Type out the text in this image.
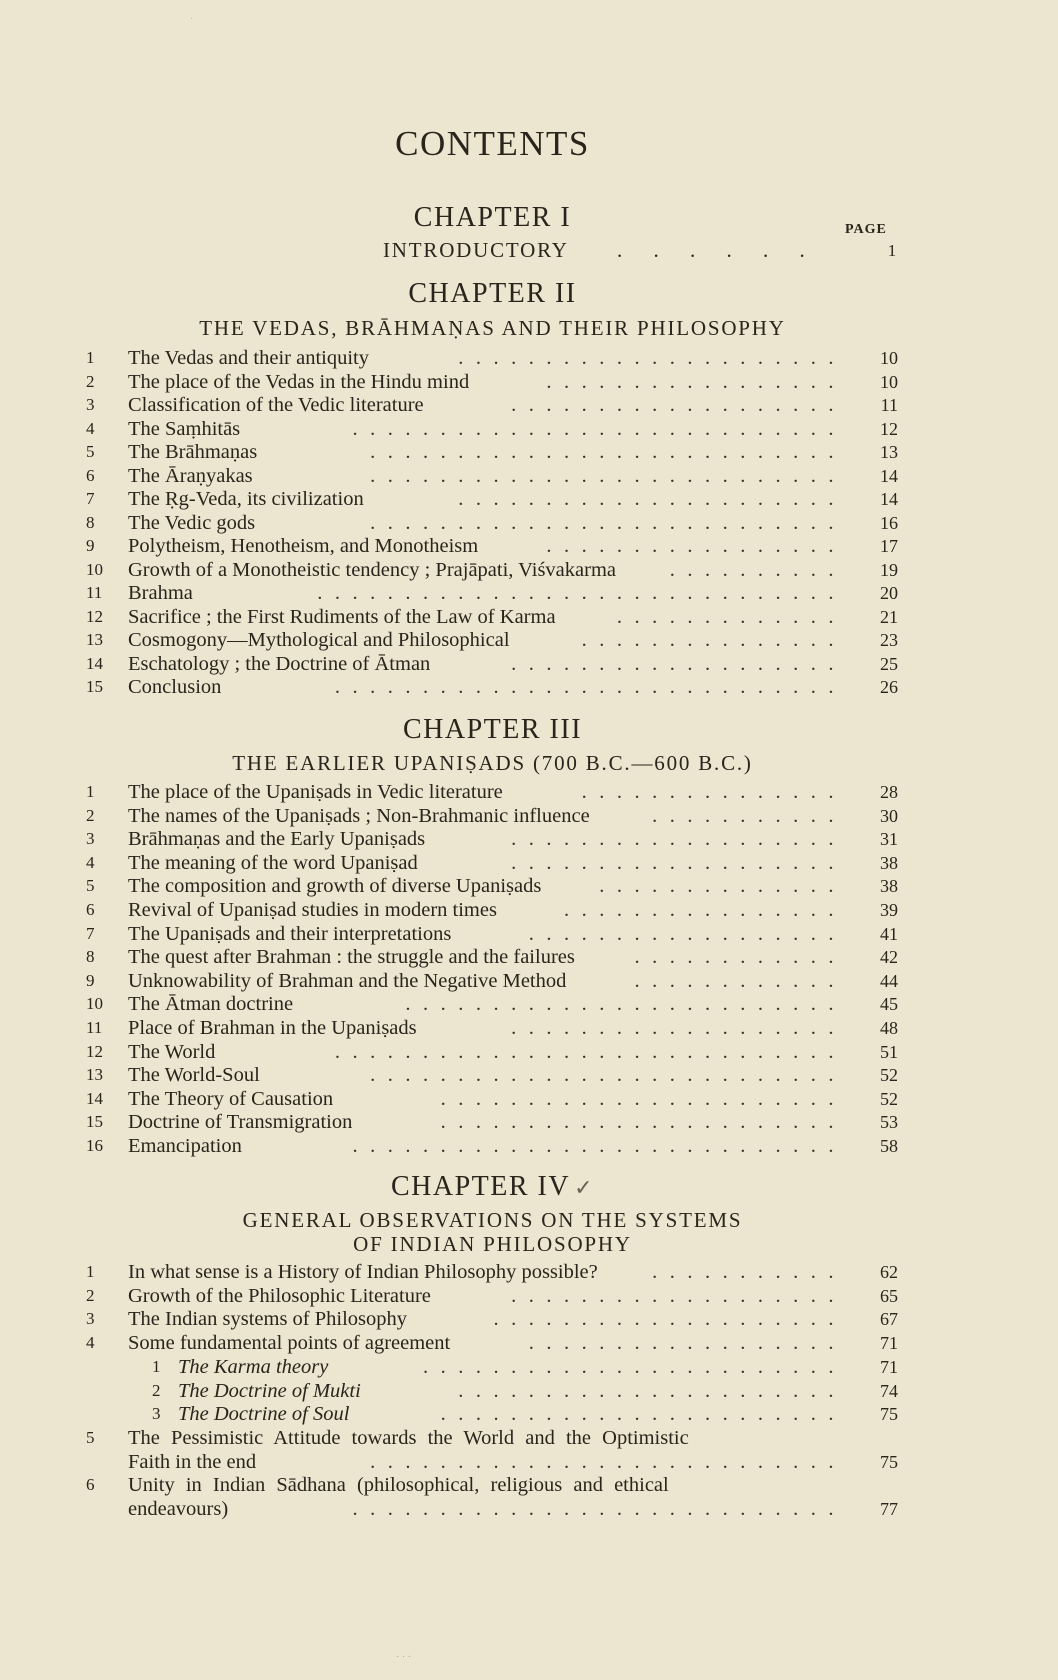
·
CONTENTS
CHAPTER I	PAGE
INTRODUCTORY . . . . . .	1
CHAPTER II
THE VEDAS, BRĀHMAṆAS AND THEIR PHILOSOPHY
1	The Vedas and their antiquity	......................	10
2	The place of the Vedas in the Hindu mind	.................	10
3	Classification of the Vedic literature	...................	11
4	The Saṃhitās	............................	12
5	The Brāhmaṇas	...........................	13
6	The Āraṇyakas	...........................	14
7	The Ṛg-Veda, its civilization	......................	14
8	The Vedic gods	...........................	16
9	Polytheism, Henotheism, and Monotheism	.................	17
10	Growth of a Monotheistic tendency ; Prajāpati, Viśvakarma	..........	19
11	Brahma	..............................	20
12	Sacrifice ; the First Rudiments of the Law of Karma	.............	21
13	Cosmogony—Mythological and Philosophical	...............	23
14	Eschatology ; the Doctrine of Ātman	...................	25
15	Conclusion	.............................	26
CHAPTER III
THE EARLIER UPANIṢADS (700 B.C.—600 B.C.)
1	The place of the Upaniṣads in Vedic literature	...............	28
2	The names of the Upaniṣads ; Non-Brahmanic influence	...........	30
3	Brāhmaṇas and the Early Upaniṣads	...................	31
4	The meaning of the word Upaniṣad	...................	38
5	The composition and growth of diverse Upaniṣads	..............	38
6	Revival of Upaniṣad studies in modern times	................	39
7	The Upaniṣads and their interpretations	..................	41
8	The quest after Brahman : the struggle and the failures	............	42
9	Unknowability of Brahman and the Negative Method	............	44
10	The Ātman doctrine	.........................	45
11	Place of Brahman in the Upaniṣads	...................	48
12	The World	.............................	51
13	The World-Soul	...........................	52
14	The Theory of Causation	.......................	52
15	Doctrine of Transmigration	.......................	53
16	Emancipation	............................	58
CHAPTER IV ✓
GENERAL OBSERVATIONS ON THE SYSTEMS
OF INDIAN PHILOSOPHY
1	In what sense is a History of Indian Philosophy possible?	...........	62
2	Growth of the Philosophic Literature	...................	65
3	The Indian systems of Philosophy	....................	67
4	Some fundamental points of agreement	..................	71
1 The Karma theory	........................	71
2 The Doctrine of Mukti	......................	74
3 The Doctrine of Soul	.......................	75
5	The Pessimistic Attitude towards the World and the Optimistic
Faith in the end	...........................	75
6	Unity in Indian Sādhana (philosophical, religious and ethical
endeavours)	............................	77
· · ·
